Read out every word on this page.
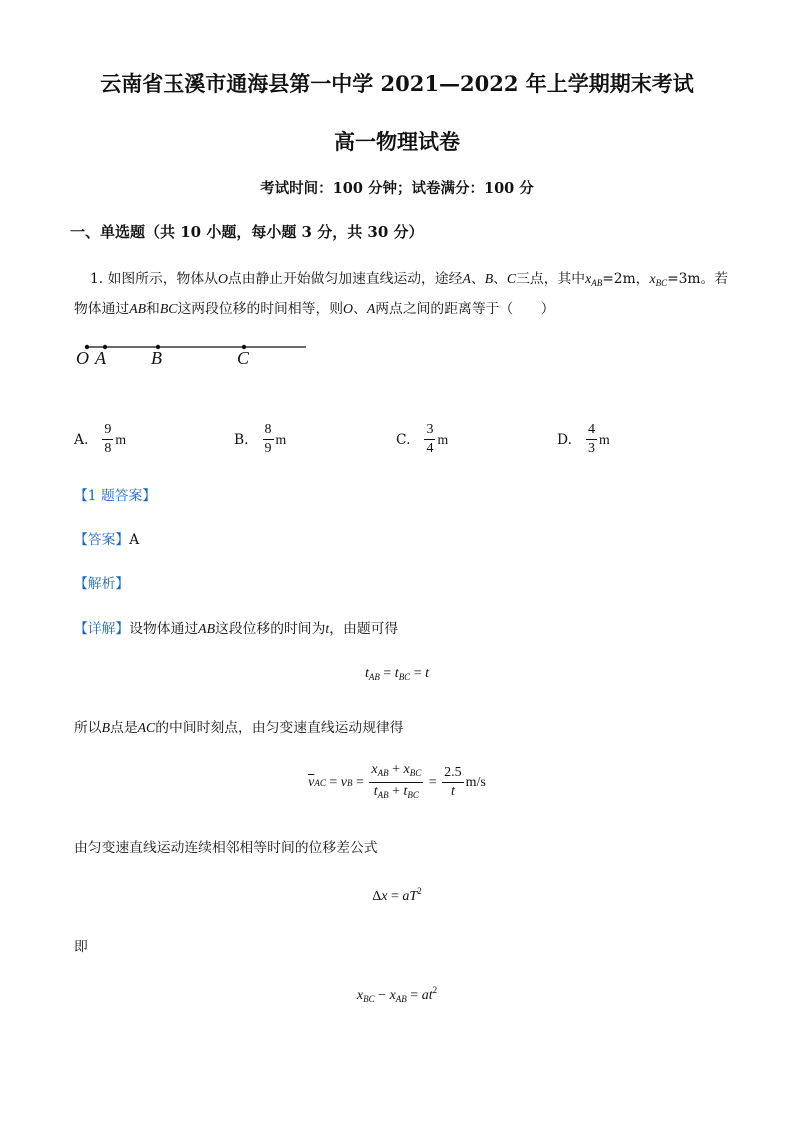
云南省玉溪市通海县第一中学 2021—2022 年上学期期末考试
高一物理试卷
考试时间：100 分钟；试卷满分：100 分
一、单选题（共 10 小题，每小题 3 分，共 30 分）
1. 如图所示，物体从O点由静止开始做匀加速直线运动，途经A、B、C三点，其中$x_{AB}=2m$，$x_{BC}=3m$。若
物体通过AB和BC这两段位移的时间相等，则O、A两点之间的距离等于（　　）
O A	B	C
A. $\frac{9}{8}$ m	B. $\frac{8}{9}$ m	C. $\frac{3}{4}$ m	D. $\frac{4}{3}$ m
【1 题答案】
【答案】A
【解析】
【详解】设物体通过AB这段位移的时间为t，由题可得
$t_{AB} = t_{BC} = t$
所以B点是AC的中间时刻点，由匀变速直线运动规律得
$\overline{v}$ AC = v $B = \frac{x_{AB} + x_{BC}}{t_{AB} + t_{BC}} = \frac{2.5}{t} m/s$
由匀变速直线运动连续相邻相等时间的位移差公式
$\Delta x = aT^2$
即
$x_{BC} - x_{AB} = at^2$
